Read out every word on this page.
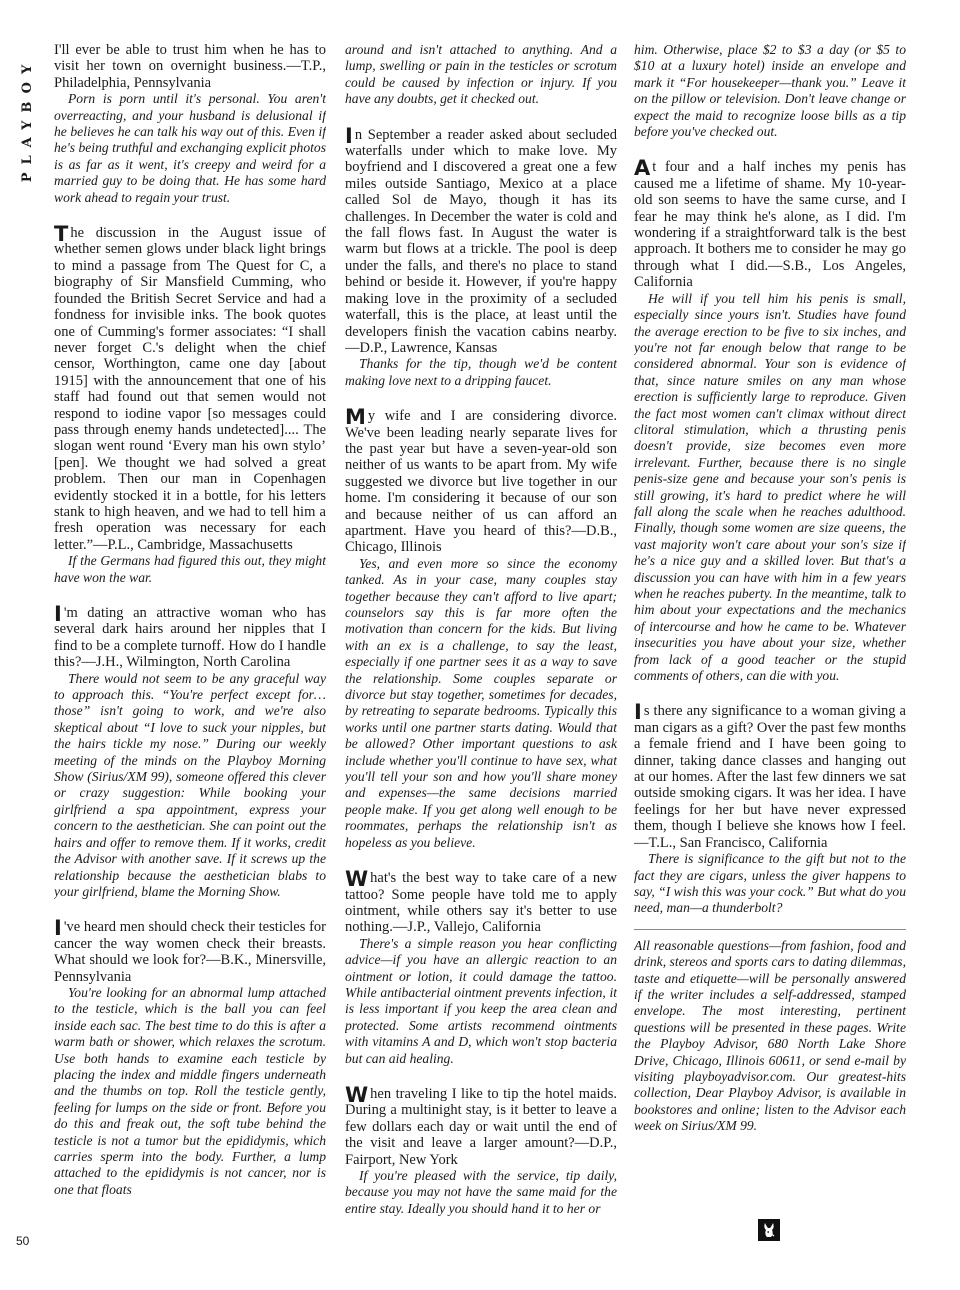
PLAYBOY

I'll ever be able to trust him when he has to visit her town on overnight business.—T.P., Philadelphia, Pennsylvania

Porn is porn until it's personal. You aren't overreacting, and your husband is delusional if he believes he can talk his way out of this. Even if he's being truthful and exchanging explicit photos is as far as it went, it's creepy and weird for a married guy to be doing that. He has some hard work ahead to regain your trust.

T he discussion in the August issue of whether semen glows under black light brings to mind a passage from The Quest for C, a biography of Sir Mansfield Cumming, who founded the British Secret Service and had a fondness for invisible inks. The book quotes one of Cumming's former associates: “I shall never forget C.'s delight when the chief censor, Worthington, came one day [about 1915] with the announcement that one of his staff had found out that semen would not respond to iodine vapor [so messages could pass through enemy hands undetected].... The slogan went round ‘Every man his own stylo’ [pen]. We thought we had solved a great problem. Then our man in Copenhagen evidently stocked it in a bottle, for his letters stank to high heaven, and we had to tell him a fresh operation was necessary for each letter.”—P.L., Cambridge, Massachusetts

If the Germans had figured this out, they might have won the war.

I 'm dating an attractive woman who has several dark hairs around her nipples that I find to be a complete turnoff. How do I handle this?—J.H., Wilmington, North Carolina

There would not seem to be any graceful way to approach this. “You're perfect except for… those” isn't going to work, and we're also skeptical about “I love to suck your nipples, but the hairs tickle my nose.” During our weekly meeting of the minds on the Playboy Morning Show (Sirius/XM 99), someone offered this clever or crazy suggestion: While booking your girlfriend a spa appointment, express your concern to the aesthetician. She can point out the hairs and offer to remove them. If it works, credit the Advisor with another save. If it screws up the relationship because the aesthetician blabs to your girlfriend, blame the Morning Show.

I 've heard men should check their testicles for cancer the way women check their breasts. What should we look for?—B.K., Minersville, Pennsylvania

You're looking for an abnormal lump attached to the testicle, which is the ball you can feel inside each sac. The best time to do this is after a warm bath or shower, which relaxes the scrotum. Use both hands to examine each testicle by placing the index and middle fingers underneath and the thumbs on top. Roll the testicle gently, feeling for lumps on the side or front. Before you do this and freak out, the soft tube behind the testicle is not a tumor but the epididymis, which carries sperm into the body. Further, a lump attached to the epididymis is not cancer, nor is one that floats

around and isn't attached to anything. And a lump, swelling or pain in the testicles or scrotum could be caused by infection or injury. If you have any doubts, get it checked out.

I n September a reader asked about secluded waterfalls under which to make love. My boyfriend and I discovered a great one a few miles outside Santiago, Mexico at a place called Sol de Mayo, though it has its challenges. In December the water is cold and the fall flows fast. In August the water is warm but flows at a trickle. The pool is deep under the falls, and there's no place to stand behind or beside it. However, if you're happy making love in the proximity of a secluded waterfall, this is the place, at least until the developers finish the vacation cabins nearby.—D.P., Lawrence, Kansas

Thanks for the tip, though we'd be content making love next to a dripping faucet.

M y wife and I are considering divorce. We've been leading nearly separate lives for the past year but have a seven-year-old son neither of us wants to be apart from. My wife suggested we divorce but live together in our home. I'm considering it because of our son and because neither of us can afford an apartment. Have you heard of this?—D.B., Chicago, Illinois

Yes, and even more so since the economy tanked. As in your case, many couples stay together because they can't afford to live apart; counselors say this is far more often the motivation than concern for the kids. But living with an ex is a challenge, to say the least, especially if one partner sees it as a way to save the relationship. Some couples separate or divorce but stay together, sometimes for decades, by retreating to separate bedrooms. Typically this works until one partner starts dating. Would that be allowed? Other important questions to ask include whether you'll continue to have sex, what you'll tell your son and how you'll share money and expenses—the same decisions married people make. If you get along well enough to be roommates, perhaps the relationship isn't as hopeless as you believe.

W hat's the best way to take care of a new tattoo? Some people have told me to apply ointment, while others say it's better to use nothing.—J.P., Vallejo, California

There's a simple reason you hear conflicting advice—if you have an allergic reaction to an ointment or lotion, it could damage the tattoo. While antibacterial ointment prevents infection, it is less important if you keep the area clean and protected. Some artists recommend ointments with vitamins A and D, which won't stop bacteria but can aid healing.

W hen traveling I like to tip the hotel maids. During a multinight stay, is it better to leave a few dollars each day or wait until the end of the visit and leave a larger amount?—D.P., Fairport, New York

If you're pleased with the service, tip daily, because you may not have the same maid for the entire stay. Ideally you should hand it to her or

him. Otherwise, place $2 to $3 a day (or $5 to $10 at a luxury hotel) inside an envelope and mark it “For housekeeper—thank you.” Leave it on the pillow or television. Don't leave change or expect the maid to recognize loose bills as a tip before you've checked out.

A t four and a half inches my penis has caused me a lifetime of shame. My 10-year-old son seems to have the same curse, and I fear he may think he's alone, as I did. I'm wondering if a straightforward talk is the best approach. It bothers me to consider he may go through what I did.—S.B., Los Angeles, California

He will if you tell him his penis is small, especially since yours isn't. Studies have found the average erection to be five to six inches, and you're not far enough below that range to be considered abnormal. Your son is evidence of that, since nature smiles on any man whose erection is sufficiently large to reproduce. Given the fact most women can't climax without direct clitoral stimulation, which a thrusting penis doesn't provide, size becomes even more irrelevant. Further, because there is no single penis-size gene and because your son's penis is still growing, it's hard to predict where he will fall along the scale when he reaches adulthood. Finally, though some women are size queens, the vast majority won't care about your son's size if he's a nice guy and a skilled lover. But that's a discussion you can have with him in a few years when he reaches puberty. In the meantime, talk to him about your expectations and the mechanics of intercourse and how he came to be. Whatever insecurities you have about your size, whether from lack of a good teacher or the stupid comments of others, can die with you.

I s there any significance to a woman giving a man cigars as a gift? Over the past few months a female friend and I have been going to dinner, taking dance classes and hanging out at our homes. After the last few dinners we sat outside smoking cigars. It was her idea. I have feelings for her but have never expressed them, though I believe she knows how I feel.—T.L., San Francisco, California

There is significance to the gift but not to the fact they are cigars, unless the giver happens to say, “I wish this was your cock.” But what do you need, man—a thunderbolt?

All reasonable questions—from fashion, food and drink, stereos and sports cars to dating dilemmas, taste and etiquette—will be personally answered if the writer includes a self-addressed, stamped envelope. The most interesting, pertinent questions will be presented in these pages. Write the Playboy Advisor, 680 North Lake Shore Drive, Chicago, Illinois 60611, or send e-mail by visiting playboyadvisor.com. Our greatest-hits collection, Dear Playboy Advisor, is available in bookstores and online; listen to the Advisor each week on Sirius/XM 99.

50
